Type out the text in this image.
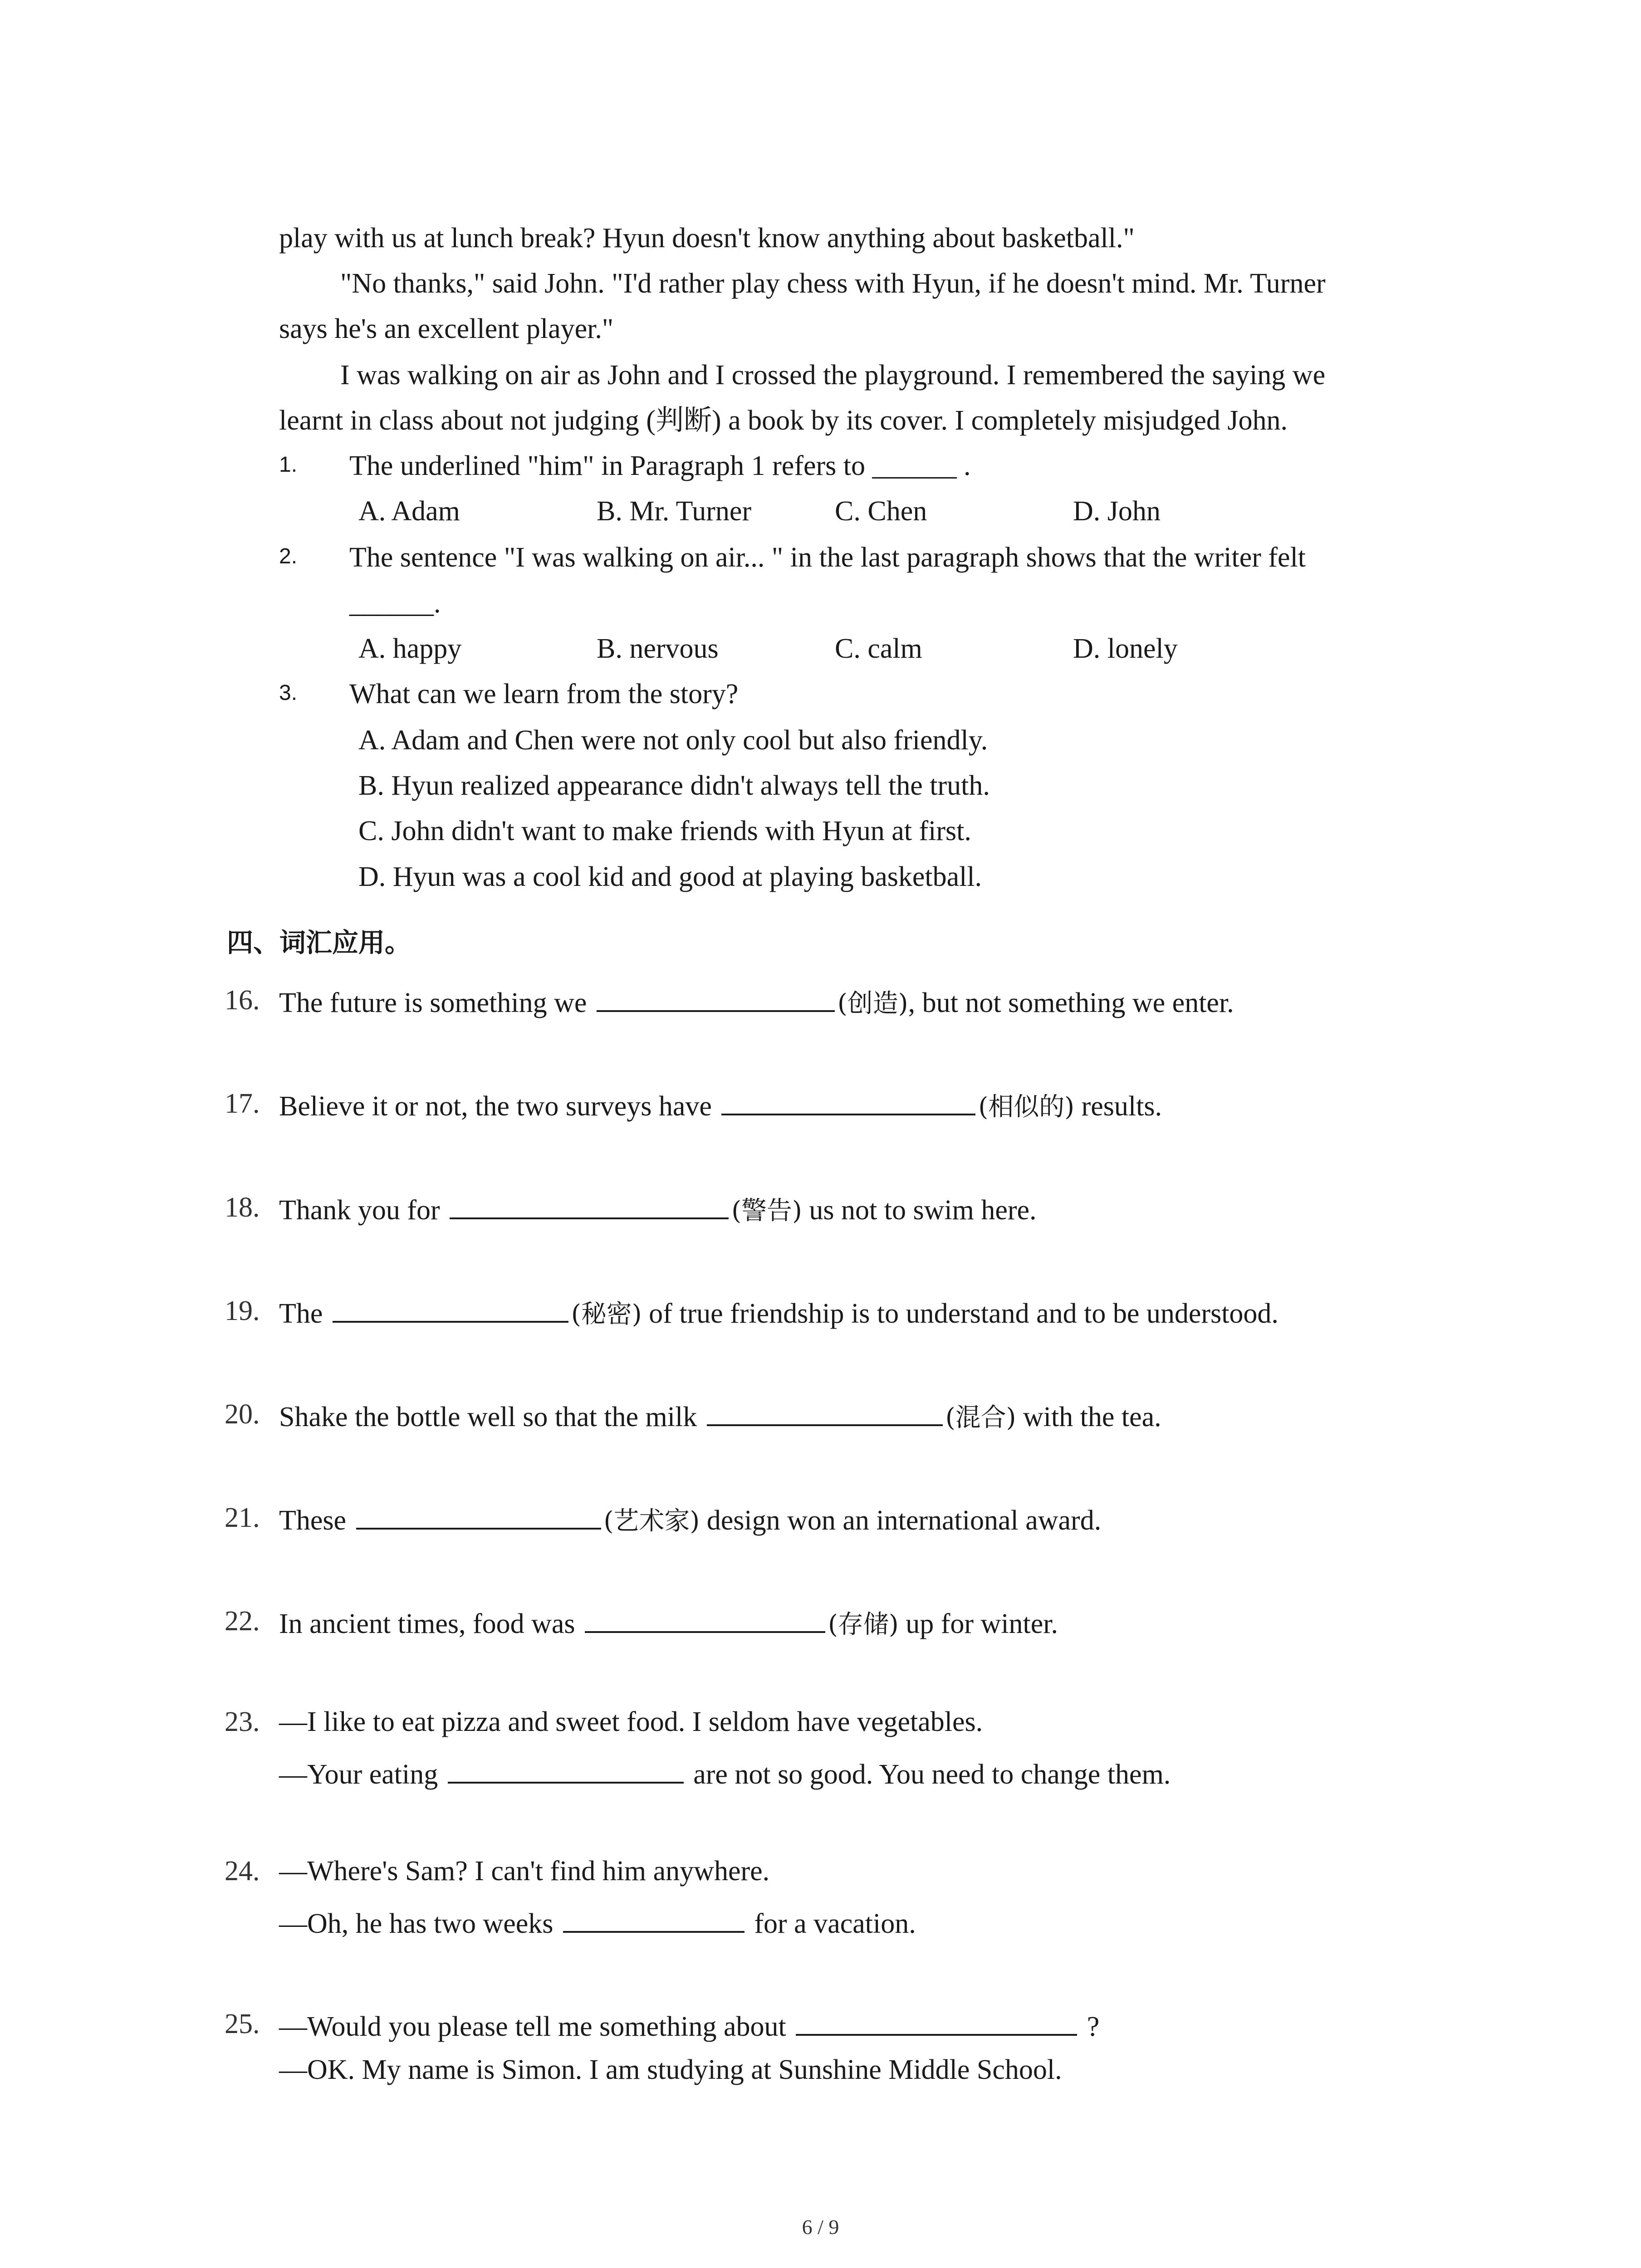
play with us at lunch break? Hyun doesn't know anything about basketball."
"No thanks," said John. "I'd rather play chess with Hyun, if he doesn't mind. Mr. Turner
says he's an excellent player."
I was walking on air as John and I crossed the playground. I remembered the saying we
learnt in class about not judging (判断) a book by its cover. I completely misjudged John.
1. The underlined "him" in Paragraph 1 refers to ______ .
A. Adam	B. Mr. Turner	C. Chen	D. John
2. The sentence "I was walking on air... " in the last paragraph shows that the writer felt
______.
A. happy	B. nervous	C. calm	D. lonely
3. What can we learn from the story?
A. Adam and Chen were not only cool but also friendly.
B. Hyun realized appearance didn't always tell the truth.
C. John didn't want to make friends with Hyun at first.
D. Hyun was a cool kid and good at playing basketball.
四、词汇应用。
16. The future is something we	(创造), but not something we enter.
17. Believe it or not, the two surveys have	(相似的) results.
18. Thank you for	(警告) us not to swim here.
19. The	(秘密) of true friendship is to understand and to be understood.
20. Shake the bottle well so that the milk	(混合) with the tea.
21. These	(艺术家) design won an international award.
22. In ancient times, food was	(存储) up for winter.
23. —I like to eat pizza and sweet food. I seldom have vegetables.
—Your eating	are not so good. You need to change them.
24. —Where's Sam? I can't find him anywhere.
—Oh, he has two weeks	for a vacation.
25. —Would you please tell me something about	?
—OK. My name is Simon. I am studying at Sunshine Middle School.
6 / 9
